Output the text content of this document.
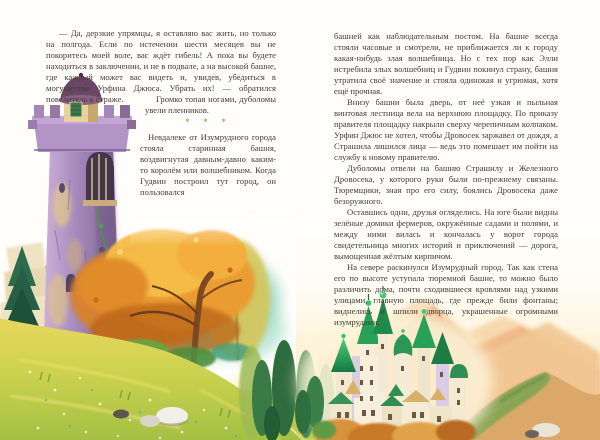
— Да, дерзкие упрямцы, я оставляю вас жить, но только на полгода. Если по истечении шести месяцев вы не покоритесь моей воле, вас ждёт гибель! А пока вы будете находиться в заключении, и не в подвале, а на высокой башне, где каждый может вас видеть и, увидев, убедиться в могуществе Урфина Джюса. Убрать их! — обратился повелитель к страже.	Громко топая ногами, дуболомы увели пленников.

✶ ✶ ✶

Невдалеке от Изумрудного города стояла старинная башня, воздвигнутая давным-давно каким-то королём или волшебником. Когда Гудвин построил тут город, он пользовался

башней как наблюдательным постом. На башне всегда стояли часовые и смотрели, не приближается ли к городу какая-нибудь злая волшебница. Но с тех пор как Элли истребила злых волшебниц и Гудвин покинул страну, башня утратила своё значение и стояла одинокая и угрюмая, хотя ещё прочная.

Внизу башни была дверь, от неё узкая и пыльная винтовая лестница вела на верхнюю площадку. По приказу правителя площадку накрыли сверху черепичным колпаком. Урфин Джюс не хотел, чтобы Дровосек заржавел от дождя, а Страшила лишился лица — ведь это помешает им пойти на службу к новому правителю.

Дуболомы отвели на башню Страшилу и Железного Дровосека, у которого руки были по-прежнему связаны. Тюремщики, зная про его силу, боялись Дровосека даже безоружного.

Оставшись одни, друзья огляделись. На юге были видны зелёные домики фермеров, окружённые садами и полями, и между ними вилась и кончалась у ворот города свидетельница многих историй и приключений — дорога, вымощенная жёлтым кирпичом.

На севере раскинулся Изумрудный город. Так как стена его по высоте уступала тюремной башне, то можно было различить дома, почти сходившиеся кровлями над узкими улицами, главную площадь, где прежде били фонтаны; виднелись и шпили дворца, украшенные огромными изумрудами.
